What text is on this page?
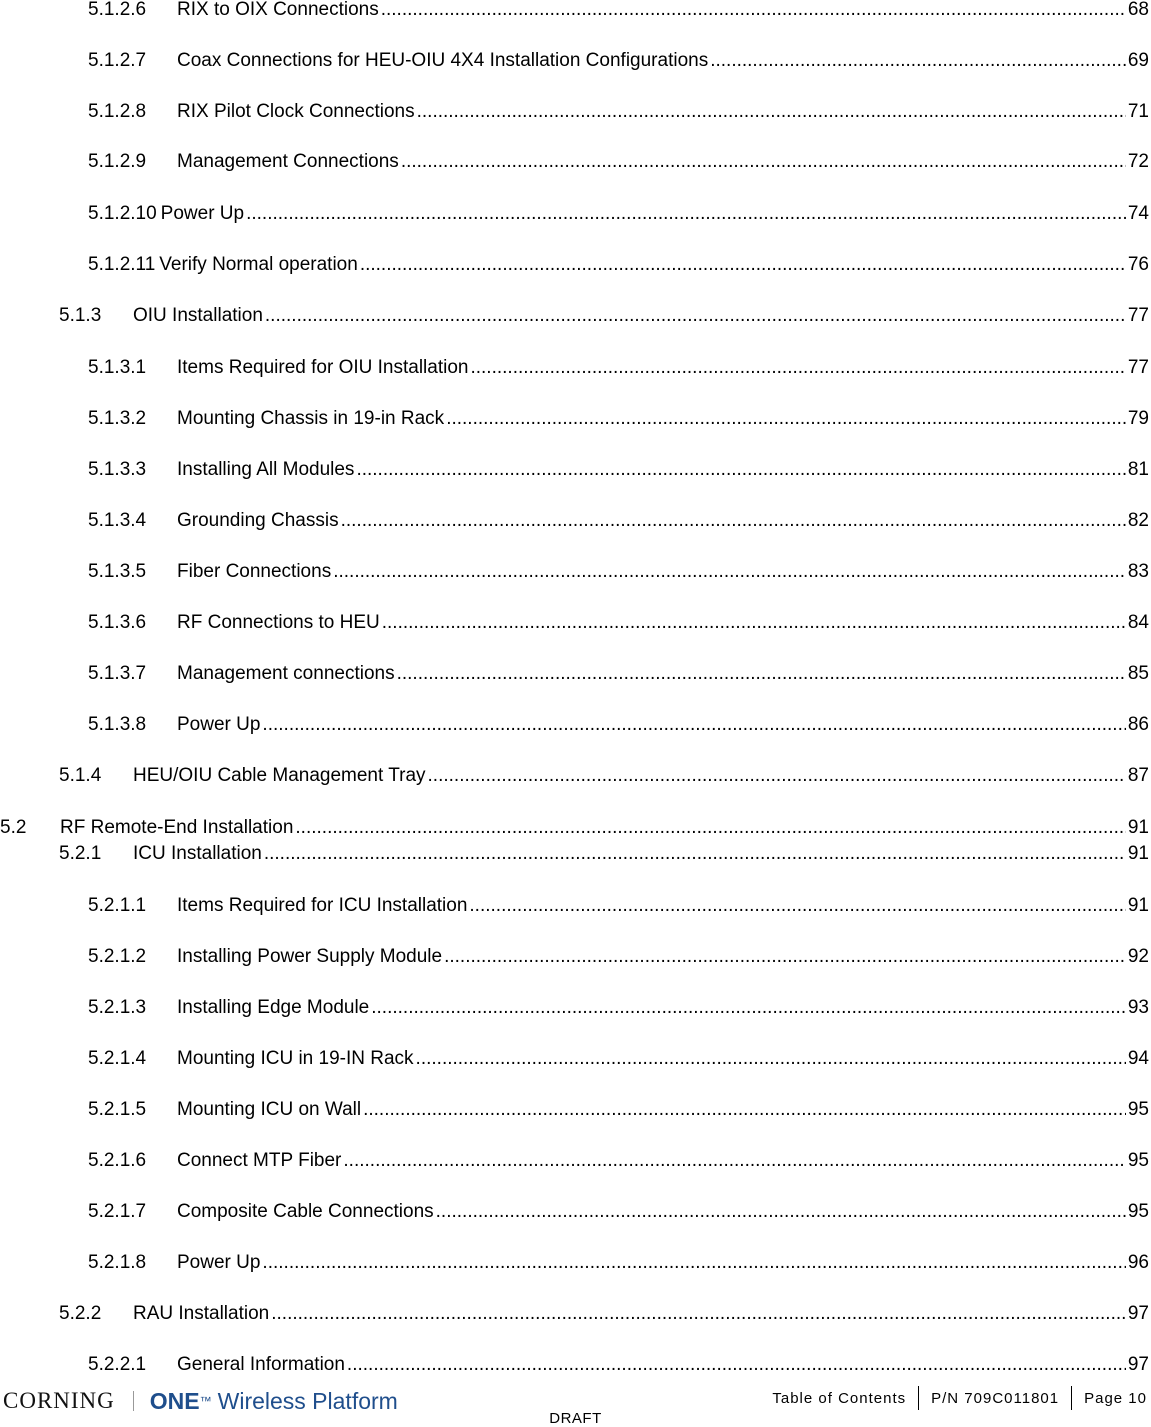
5.1.2.6	RIX to OIX Connections .....	68
5.1.2.7	Coax Connections for HEU-OIU 4X4 Installation Configurations .....	69
5.1.2.8	RIX Pilot Clock Connections .....	71
5.1.2.9	Management Connections .....	72
5.1.2.10 Power Up .....	74
5.1.2.11 Verify Normal operation .....	76
5.1.3	OIU Installation .....	77
5.1.3.1	Items Required for OIU Installation .....	77
5.1.3.2	Mounting Chassis in 19-in Rack .....	79
5.1.3.3	Installing All Modules .....	81
5.1.3.4	Grounding Chassis .....	82
5.1.3.5	Fiber Connections .....	83
5.1.3.6	RF Connections to HEU .....	84
5.1.3.7	Management connections .....	85
5.1.3.8	Power Up .....	86
5.1.4	HEU/OIU Cable Management Tray .....	87
5.2	RF Remote-End Installation .....	91
5.2.1	ICU Installation .....	91
5.2.1.1	Items Required for ICU Installation .....	91
5.2.1.2	Installing Power Supply Module .....	92
5.2.1.3	Installing Edge Module .....	93
5.2.1.4	Mounting ICU in 19-IN Rack .....	94
5.2.1.5	Mounting ICU on Wall .....	95
5.2.1.6	Connect MTP Fiber .....	95
5.2.1.7	Composite Cable Connections .....	95
5.2.1.8	Power Up .....	96
5.2.2	RAU Installation .....	97
5.2.2.1	General Information .....	97
CORNING ONE ™ Wireless Platform	Table of Contents	P/N 709C011801	Page 10
DRAFT
